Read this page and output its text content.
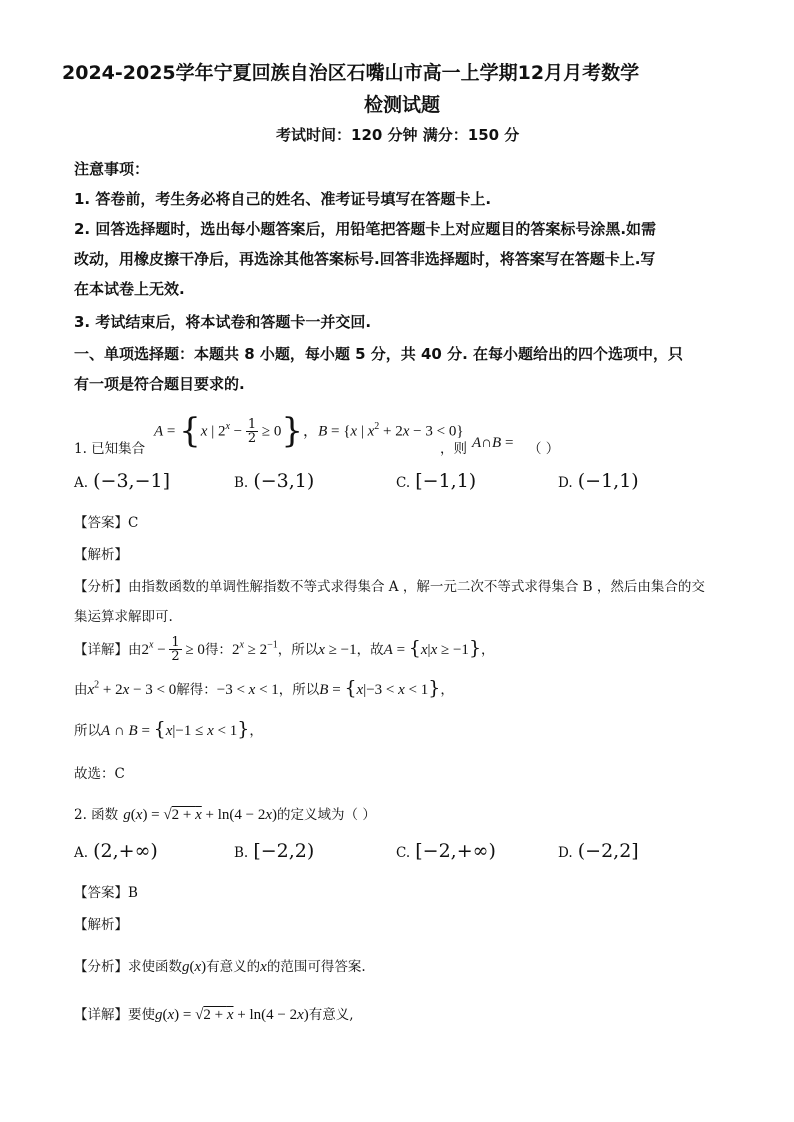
2024-2025学年宁夏回族自治区石嘴山市高一上学期12月月考数学
检测试题
考试时间：120 分钟 满分：150 分
注意事项：
1. 答卷前，考生务必将自己的姓名、准考证号填写在答题卡上.
2. 回答选择题时，选出每小题答案后，用铅笔把答题卡上对应题目的答案标号涂黑.如需
改动，用橡皮擦干净后，再选涂其他答案标号.回答非选择题时，将答案写在答题卡上.写
在本试卷上无效.
3. 考试结束后，将本试卷和答题卡一并交回.
一、单项选择题：本题共 8 小题，每小题 5 分，共 40 分. 在每小题给出的四个选项中，只
有一项是符合题目要求的.
1. 已知集合
A = {x | $2^x - \frac{1}{2} \ge 0$}，B = {x | $x^2 + 2x - 3 < 0$}
，则 A∩B = （ ）
A. (−3,−1]	B. (−3,1)	C. [−1,1)	D. (−1,1)
【答案】C
【解析】
【分析】由指数函数的单调性解指数不等式求得集合 A ，解一元二次不等式求得集合 B ，然后由集合的交
集运算求解即可.
【详解】由$2^x - \frac{1}{2} \ge 0$得：$2^x \ge 2^{-1}$，所以x ≥ −1，故A = {x|x ≥ −1}，
由$x^2 + 2x - 3 < 0$解得：−3 < x < 1，所以B = {x|−3 < x < 1}，
所以A ∩ B = {x|−1 ≤ x < 1}，
故选：C
2. 函数 g(x) = √2 + x + ln(4 − 2x)的定义域为（ ）
A. (2,+∞)	B. [−2,2)	C. [−2,+∞)	D. (−2,2]
【答案】B
【解析】
【分析】求使函数g(x)有意义的x的范围可得答案.
【详解】要使g(x) = √2 + x + ln(4 − 2x)有意义,
